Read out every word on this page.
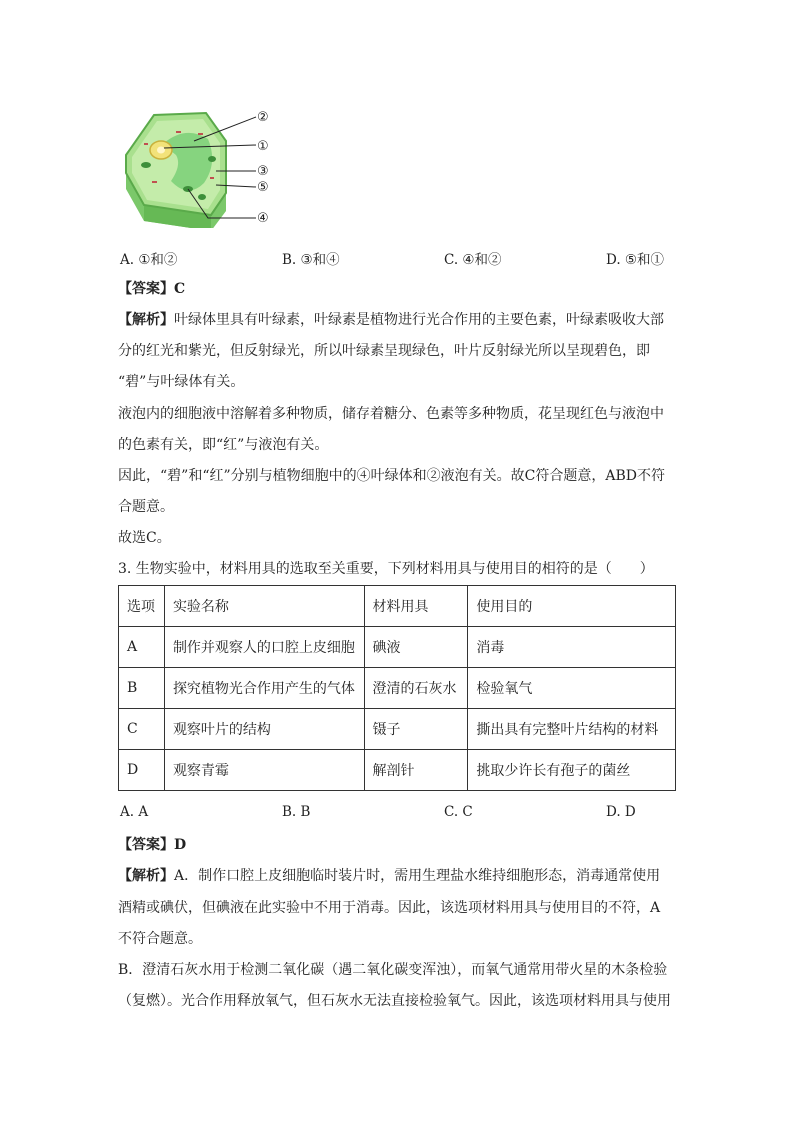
②
①
③
⑤
④
A. ①和②	B. ③和④	C. ④和②	D. ⑤和①
【答案】C
【解析】叶绿体里具有叶绿素，叶绿素是植物进行光合作用的主要色素，叶绿素吸收大部
分的红光和紫光，但反射绿光，所以叶绿素呈现绿色，叶片反射绿光所以呈现碧色，即
“碧”与叶绿体有关。
液泡内的细胞液中溶解着多种物质，储存着糖分、色素等多种物质，花呈现红色与液泡中
的色素有关，即“红”与液泡有关。
因此，“碧”和“红”分别与植物细胞中的④叶绿体和②液泡有关。故C符合题意，ABD不符
合题意。
故选C。
3. 生物实验中，材料用具的选取至关重要，下列材料用具与使用目的相符的是（　　）
选项	实验名称	材料用具	使用目的
A	制作并观察人的口腔上皮细胞	碘液	消毒
B	探究植物光合作用产生的气体	澄清的石灰水	检验氧气
C	观察叶片的结构	镊子	撕出具有完整叶片结构的材料
D	观察青霉	解剖针	挑取少许长有孢子的菌丝
A. A	B. B	C. C	D. D
【答案】D
【解析】A．制作口腔上皮细胞临时装片时，需用生理盐水维持细胞形态，消毒通常使用
酒精或碘伏，但碘液在此实验中不用于消毒。因此，该选项材料用具与使用目的不符，A
不符合题意。
B．澄清石灰水用于检测二氧化碳（遇二氧化碳变浑浊），而氧气通常用带火星的木条检验
（复燃）。光合作用释放氧气，但石灰水无法直接检验氧气。因此，该选项材料用具与使用
